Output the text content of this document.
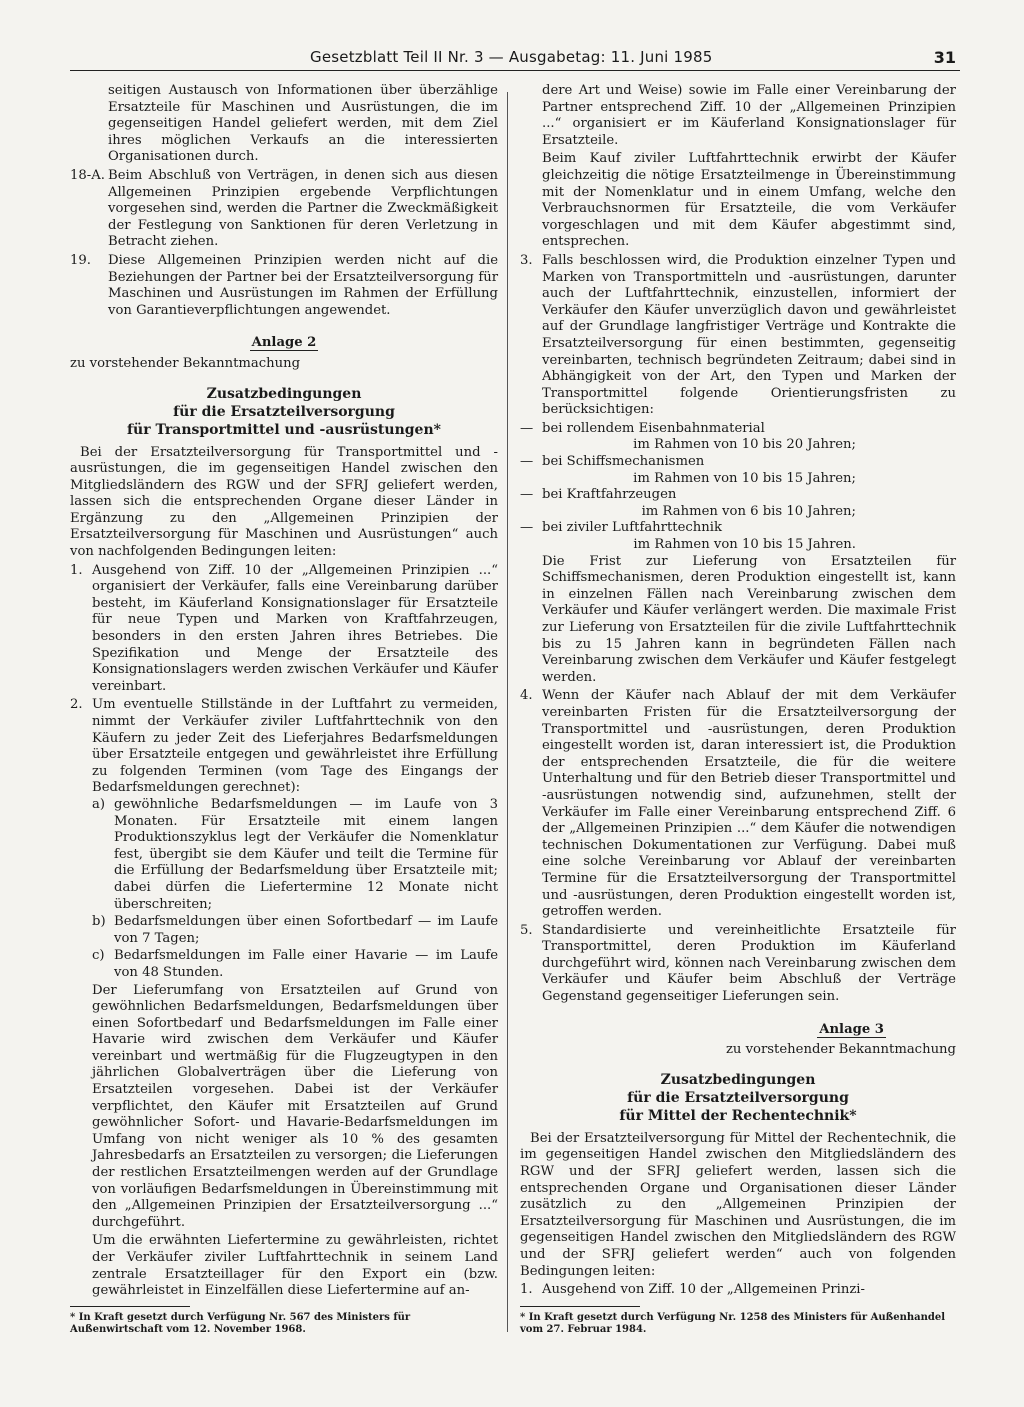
Gesetzblatt Teil II Nr. 3 — Ausgabetag: 11. Juni 1985	31
seitigen Austausch von Informationen über überzählige Ersatzteile für Maschinen und Ausrüstungen, die im gegenseitigen Handel geliefert werden, mit dem Ziel ihres möglichen Verkaufs an die interessierten Organisationen durch.
18-A. Beim Abschluß von Verträgen, in denen sich aus diesen Allgemeinen Prinzipien ergebende Verpflichtungen vorgesehen sind, werden die Partner die Zweckmäßigkeit der Festlegung von Sanktionen für deren Verletzung in Betracht ziehen.
19.	Diese Allgemeinen Prinzipien werden nicht auf die Beziehungen der Partner bei der Ersatzteilversorgung für Maschinen und Ausrüstungen im Rahmen der Erfüllung von Garantieverpflichtungen angewendet.
Anlage 2
zu vorstehender Bekanntmachung
Zusatzbedingungen
für die Ersatzteilversorgung
für Transportmittel und -ausrüstungen*

Bei der Ersatzteilversorgung für Transportmittel und -ausrüstungen, die im gegenseitigen Handel zwischen den Mitgliedsländern des RGW und der SFRJ geliefert werden, lassen sich die entsprechenden Organe dieser Länder in Ergänzung zu den „Allgemeinen Prinzipien der Ersatzteilversorgung für Maschinen und Ausrüstungen“ auch von nachfolgenden Bedingungen leiten:

1. Ausgehend von Ziff. 10 der „Allgemeinen Prinzipien ...“ organisiert der Verkäufer, falls eine Vereinbarung darüber besteht, im Käuferland Konsignationslager für Ersatzteile für neue Typen und Marken von Kraftfahrzeugen, besonders in den ersten Jahren ihres Betriebes. Die Spezifikation und Menge der Ersatzteile des Konsignationslagers werden zwischen Verkäufer und Käufer vereinbart.
2. Um eventuelle Stillstände in der Luftfahrt zu vermeiden, nimmt der Verkäufer ziviler Luftfahrttechnik von den Käufern zu jeder Zeit des Lieferjahres Bedarfsmeldungen über Ersatzteile entgegen und gewährleistet ihre Erfüllung zu folgenden Terminen (vom Tage des Eingangs der Bedarfsmeldungen gerechnet):
a) gewöhnliche Bedarfsmeldungen — im Laufe von 3 Monaten. Für Ersatzteile mit einem langen Produktionszyklus legt der Verkäufer die Nomenklatur fest, übergibt sie dem Käufer und teilt die Termine für die Erfüllung der Bedarfsmeldung über Ersatzteile mit; dabei dürfen die Liefertermine 12 Monate nicht überschreiten;
b) Bedarfsmeldungen über einen Sofortbedarf — im Laufe von 7 Tagen;
c) Bedarfsmeldungen im Falle einer Havarie — im Laufe von 48 Stunden.

Der Lieferumfang von Ersatzteilen auf Grund von gewöhnlichen Bedarfsmeldungen, Bedarfsmeldungen über einen Sofortbedarf und Bedarfsmeldungen im Falle einer Havarie wird zwischen dem Verkäufer und Käufer vereinbart und wertmäßig für die Flugzeugtypen in den jährlichen Globalverträgen über die Lieferung von Ersatzteilen vorgesehen. Dabei ist der Verkäufer verpflichtet, den Käufer mit Ersatzteilen auf Grund gewöhnlicher Sofort- und Havarie-Bedarfsmeldungen im Umfang von nicht weniger als 10 % des gesamten Jahresbedarfs an Ersatzteilen zu versorgen; die Lieferungen der restlichen Ersatzteilmengen werden auf der Grundlage von vorläufigen Bedarfsmeldungen in Übereinstimmung mit den „Allgemeinen Prinzipien der Ersatzteilversorgung ...“ durchgeführt.

Um die erwähnten Liefertermine zu gewährleisten, richtet der Verkäufer ziviler Luftfahrttechnik in seinem Land zentrale Ersatzteillager für den Export ein (bzw. gewährleistet in Einzelfällen diese Liefertermine auf an-

* In Kraft gesetzt durch Verfügung Nr. 567 des Ministers für Außenwirtschaft vom 12. November 1968.
dere Art und Weise) sowie im Falle einer Vereinbarung der Partner entsprechend Ziff. 10 der „Allgemeinen Prinzipien ...“ organisiert er im Käuferland Konsignationslager für Ersatzteile.

Beim Kauf ziviler Luftfahrttechnik erwirbt der Käufer gleichzeitig die nötige Ersatzteilmenge in Übereinstimmung mit der Nomenklatur und in einem Umfang, welche den Verbrauchsnormen für Ersatzteile, die vom Verkäufer vorgeschlagen und mit dem Käufer abgestimmt sind, entsprechen.

3. Falls beschlossen wird, die Produktion einzelner Typen und Marken von Transportmitteln und -ausrüstungen, darunter auch der Luftfahrttechnik, einzustellen, informiert der Verkäufer den Käufer unverzüglich davon und gewährleistet auf der Grundlage langfristiger Verträge und Kontrakte die Ersatzteilversorgung für einen bestimmten, gegenseitig vereinbarten, technisch begründeten Zeitraum; dabei sind in Abhängigkeit von der Art, den Typen und Marken der Transportmittel folgende Orientierungsfristen zu berücksichtigen:
— bei rollendem Eisenbahnmaterial
im Rahmen von 10 bis 20 Jahren;
— bei Schiffsmechanismen
im Rahmen von 10 bis 15 Jahren;
— bei Kraftfahrzeugen
im Rahmen von 6 bis 10 Jahren;
— bei ziviler Luftfahrttechnik
im Rahmen von 10 bis 15 Jahren.

Die Frist zur Lieferung von Ersatzteilen für Schiffsmechanismen, deren Produktion eingestellt ist, kann in einzelnen Fällen nach Vereinbarung zwischen dem Verkäufer und Käufer verlängert werden. Die maximale Frist zur Lieferung von Ersatzteilen für die zivile Luftfahrttechnik bis zu 15 Jahren kann in begründeten Fällen nach Vereinbarung zwischen dem Verkäufer und Käufer festgelegt werden.

4. Wenn der Käufer nach Ablauf der mit dem Verkäufer vereinbarten Fristen für die Ersatzteilversorgung der Transportmittel und -ausrüstungen, deren Produktion eingestellt worden ist, daran interessiert ist, die Produktion der entsprechenden Ersatzteile, die für die weitere Unterhaltung und für den Betrieb dieser Transportmittel und -ausrüstungen notwendig sind, aufzunehmen, stellt der Verkäufer im Falle einer Vereinbarung entsprechend Ziff. 6 der „Allgemeinen Prinzipien ...“ dem Käufer die notwendigen technischen Dokumentationen zur Verfügung. Dabei muß eine solche Vereinbarung vor Ablauf der vereinbarten Termine für die Ersatzteilversorgung der Transportmittel und -ausrüstungen, deren Produktion eingestellt worden ist, getroffen werden.
5. Standardisierte und vereinheitlichte Ersatzteile für Transportmittel, deren Produktion im Käuferland durchgeführt wird, können nach Vereinbarung zwischen dem Verkäufer und Käufer beim Abschluß der Verträge Gegenstand gegenseitiger Lieferungen sein.
Anlage 3
zu vorstehender Bekanntmachung
Zusatzbedingungen
für die Ersatzteilversorgung
für Mittel der Rechentechnik*

Bei der Ersatzteilversorgung für Mittel der Rechentechnik, die im gegenseitigen Handel zwischen den Mitgliedsländern des RGW und der SFRJ geliefert werden, lassen sich die entsprechenden Organe und Organisationen dieser Länder zusätzlich zu den „Allgemeinen Prinzipien der Ersatzteilversorgung für Maschinen und Ausrüstungen, die im gegenseitigen Handel zwischen den Mitgliedsländern des RGW und der SFRJ geliefert werden“ auch von folgenden Bedingungen leiten:

1. Ausgehend von Ziff. 10 der „Allgemeinen Prinzi-
* In Kraft gesetzt durch Verfügung Nr. 1258 des Ministers für Außenhandel vom 27. Februar 1984.
